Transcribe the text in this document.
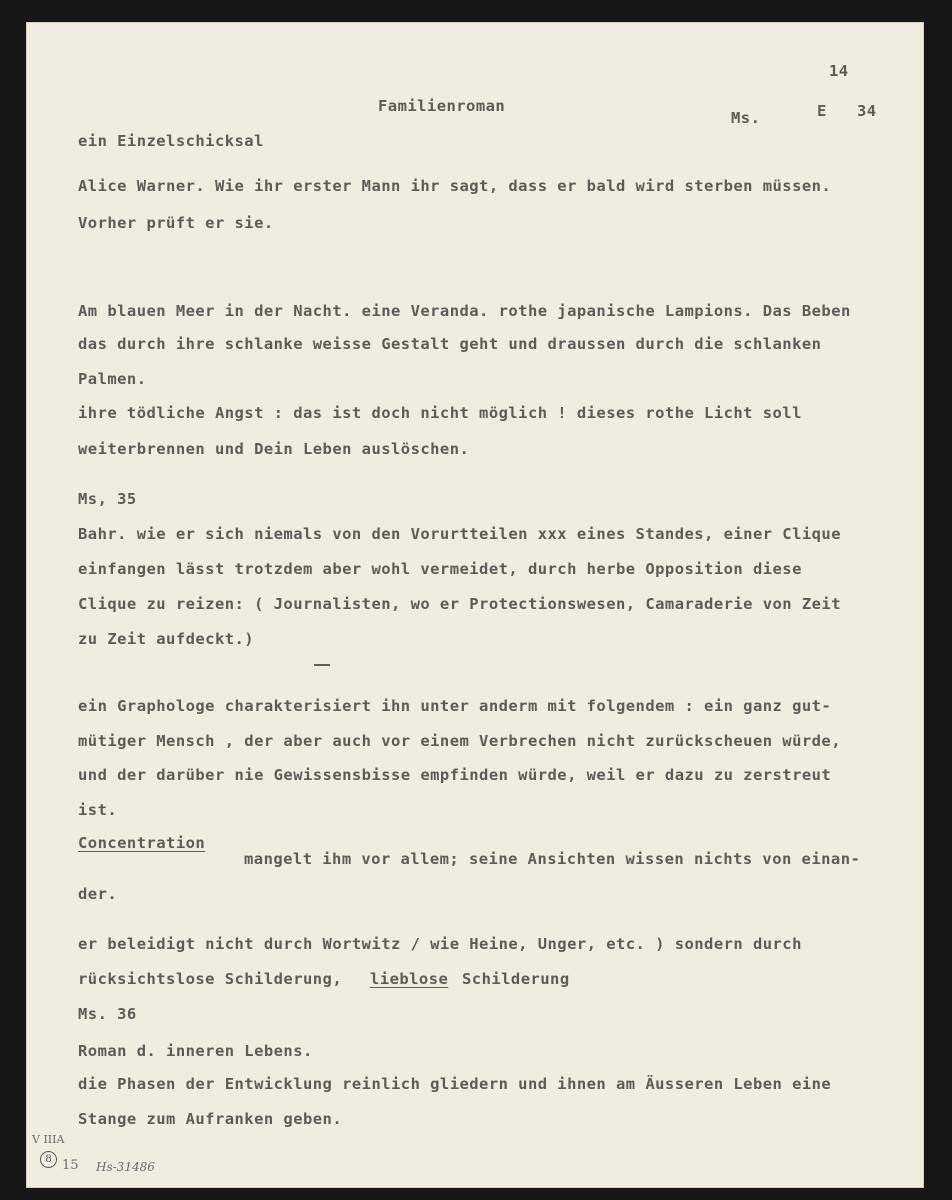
14
Familienroman
Ms.	E 34
ein Einzelschicksal
Alice Warner. Wie ihr erster Mann ihr sagt, dass er bald wird sterben müssen.
Vorher prüft er sie.
Am blauen Meer in der Nacht. eine Veranda. rothe japanische Lampions. Das Beben
das durch ihre schlanke weisse Gestalt geht und draussen durch die schlanken
Palmen.
ihre tödliche Angst : das ist doch nicht möglich ! dieses rothe Licht soll
weiterbrennen und Dein Leben auslöschen.
Ms, 35
Bahr. wie er sich niemals von den Vorurtteilen xxx eines Standes, einer Clique
einfangen lässt trotzdem aber wohl vermeidet, durch herbe Opposition diese
Clique zu reizen: ( Journalisten, wo er Protectionswesen, Camaraderie von Zeit
zu Zeit aufdeckt.)
ein Graphologe charakterisiert ihn unter anderm mit folgendem : ein ganz gut-
mütiger Mensch , der aber auch vor einem Verbrechen nicht zurückscheuen würde,
und der darüber nie Gewissensbisse empfinden würde, weil er dazu zu zerstreut
ist.
Concentration
mangelt ihm vor allem; seine Ansichten wissen nichts von einan-
der.
er beleidigt nicht durch Wortwitz / wie Heine, Unger, etc. ) sondern durch
rücksichtslose Schilderung, lieblose Schilderung
Ms. 36
Roman d. inneren Lebens.
die Phasen der Entwicklung reinlich gliedern und ihnen am Äusseren Leben eine
Stange zum Aufranken geben.
V IIIA
8 15 Hs-31486
